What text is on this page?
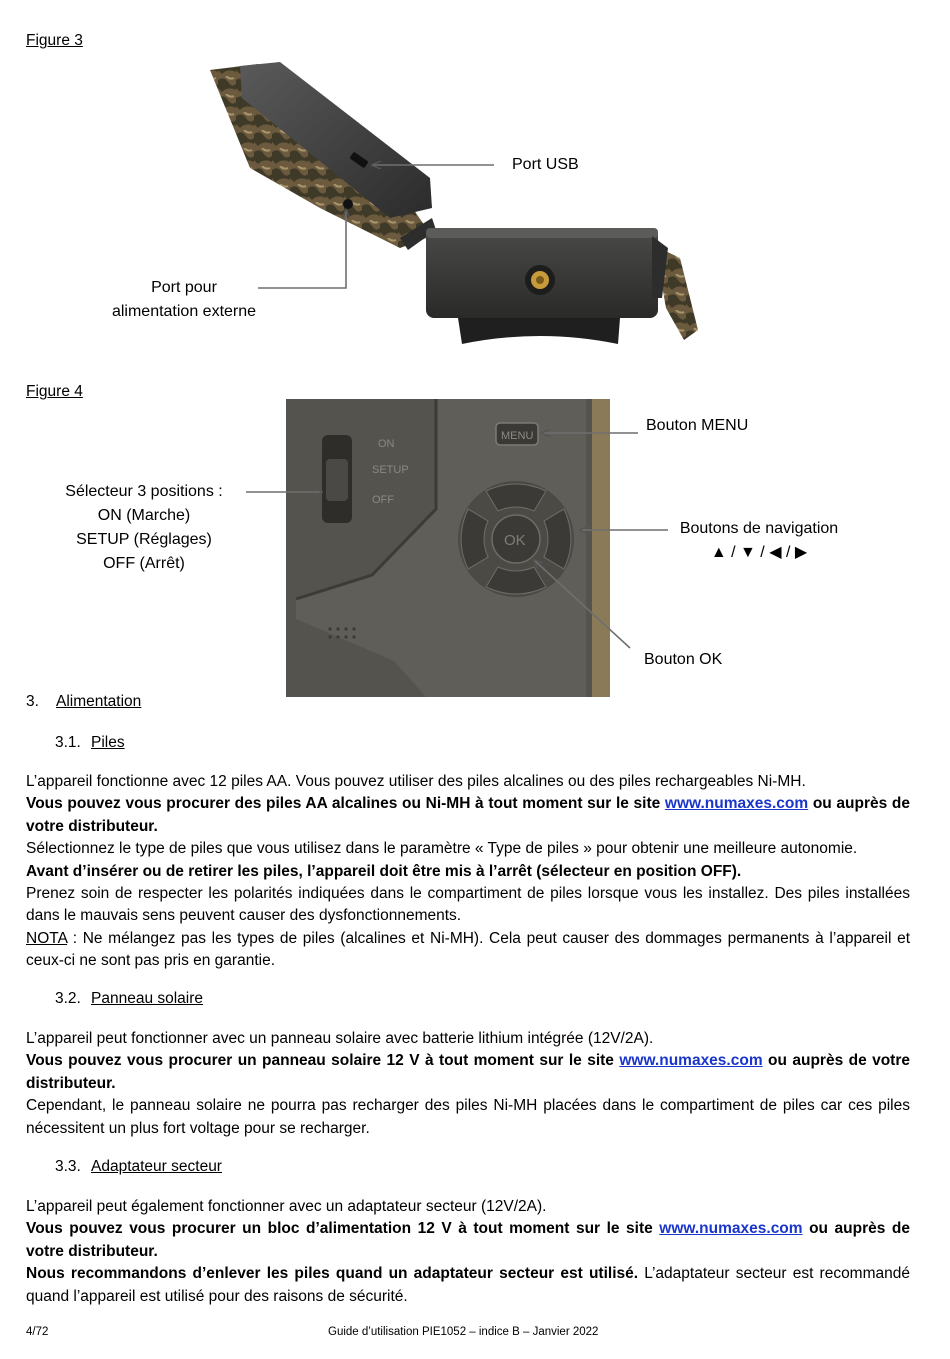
Figure 3
Port USB
Port pour
alimentation externe
Figure 4
ON
SETUP
OFF
MENU
OK
Bouton MENU
Sélecteur 3 positions :
ON (Marche)
SETUP (Réglages)
OFF (Arrêt)
Boutons de navigation
▲ / ▼ / ◀ / ▶
Bouton OK
3. Alimentation
3.1. Piles

L’appareil fonctionne avec 12 piles AA. Vous pouvez utiliser des piles alcalines ou des piles rechargeables Ni-MH.

Vous pouvez vous procurer des piles AA alcalines ou Ni-MH à tout moment sur le site www.numaxes.com ou auprès de votre distributeur.

Sélectionnez le type de piles que vous utilisez dans le paramètre « Type de piles » pour obtenir une meilleure autonomie.

Avant d’insérer ou de retirer les piles, l’appareil doit être mis à l’arrêt (sélecteur en position OFF).

Prenez soin de respecter les polarités indiquées dans le compartiment de piles lorsque vous les installez. Des piles installées dans le mauvais sens peuvent causer des dysfonctionnements.

NOTA : Ne mélangez pas les types de piles (alcalines et Ni-MH). Cela peut causer des dommages permanents à l’appareil et ceux-ci ne sont pas pris en garantie.

3.2. Panneau solaire

L’appareil peut fonctionner avec un panneau solaire avec batterie lithium intégrée (12V/2A).

Vous pouvez vous procurer un panneau solaire 12 V à tout moment sur le site www.numaxes.com ou auprès de votre distributeur.

Cependant, le panneau solaire ne pourra pas recharger des piles Ni-MH placées dans le compartiment de piles car ces piles nécessitent un plus fort voltage pour se recharger.

3.3. Adaptateur secteur

L’appareil peut également fonctionner avec un adaptateur secteur (12V/2A).

Vous pouvez vous procurer un bloc d’alimentation 12 V à tout moment sur le site www.numaxes.com ou auprès de votre distributeur.

Nous recommandons d’enlever les piles quand un adaptateur secteur est utilisé. L’adaptateur secteur est recommandé quand l’appareil est utilisé pour des raisons de sécurité.

4/72	Guide d’utilisation PIE1052 – indice B – Janvier 2022
